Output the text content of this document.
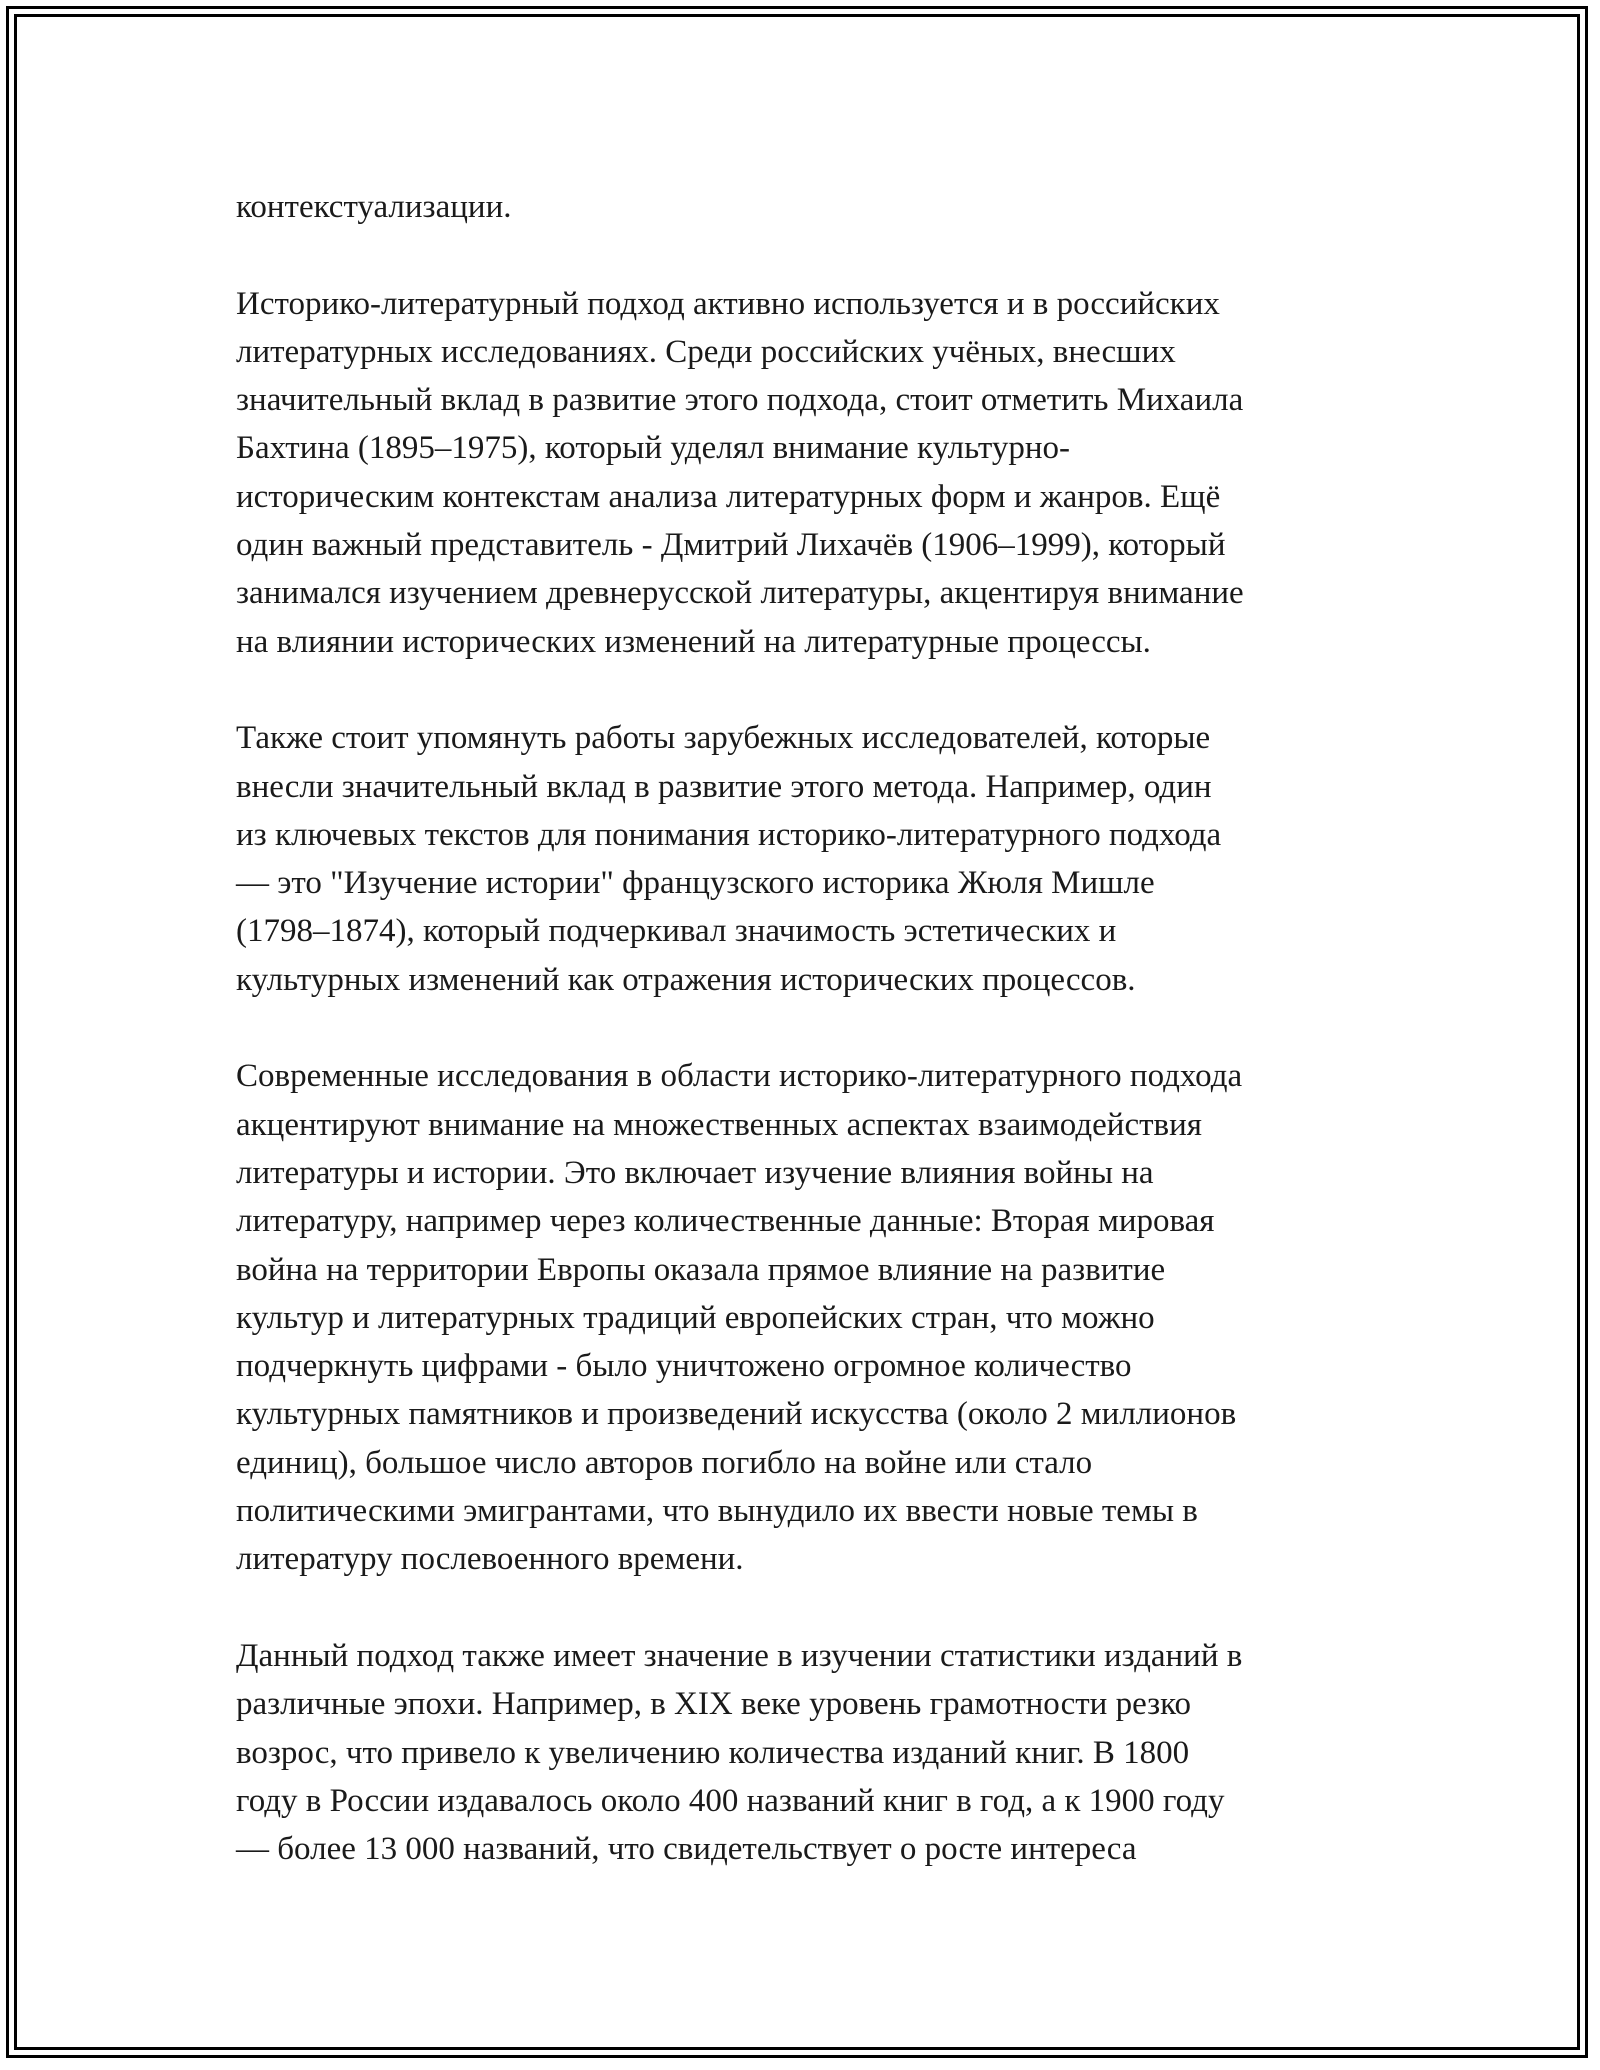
контекстуализации.
Историко-литературный подход активно используется и в российских
литературных исследованиях. Среди российских учёных, внесших
значительный вклад в развитие этого подхода, стоит отметить Михаила
Бахтина (1895–1975), который уделял внимание культурно-
историческим контекстам анализа литературных форм и жанров. Ещё
один важный представитель - Дмитрий Лихачёв (1906–1999), который
занимался изучением древнерусской литературы, акцентируя внимание
на влиянии исторических изменений на литературные процессы.
Также стоит упомянуть работы зарубежных исследователей, которые
внесли значительный вклад в развитие этого метода. Например, один
из ключевых текстов для понимания историко-литературного подхода
— это "Изучение истории" французского историка Жюля Мишле
(1798–1874), который подчеркивал значимость эстетических и
культурных изменений как отражения исторических процессов.
Современные исследования в области историко-литературного подхода
акцентируют внимание на множественных аспектах взаимодействия
литературы и истории. Это включает изучение влияния войны на
литературу, например через количественные данные: Вторая мировая
война на территории Европы оказала прямое влияние на развитие
культур и литературных традиций европейских стран, что можно
подчеркнуть цифрами - было уничтожено огромное количество
культурных памятников и произведений искусства (около 2 миллионов
единиц), большое число авторов погибло на войне или стало
политическими эмигрантами, что вынудило их ввести новые темы в
литературу послевоенного времени.
Данный подход также имеет значение в изучении статистики изданий в
различные эпохи. Например, в XIX веке уровень грамотности резко
возрос, что привело к увеличению количества изданий книг. В 1800
году в России издавалось около 400 названий книг в год, а к 1900 году
— более 13 000 названий, что свидетельствует о росте интереса
